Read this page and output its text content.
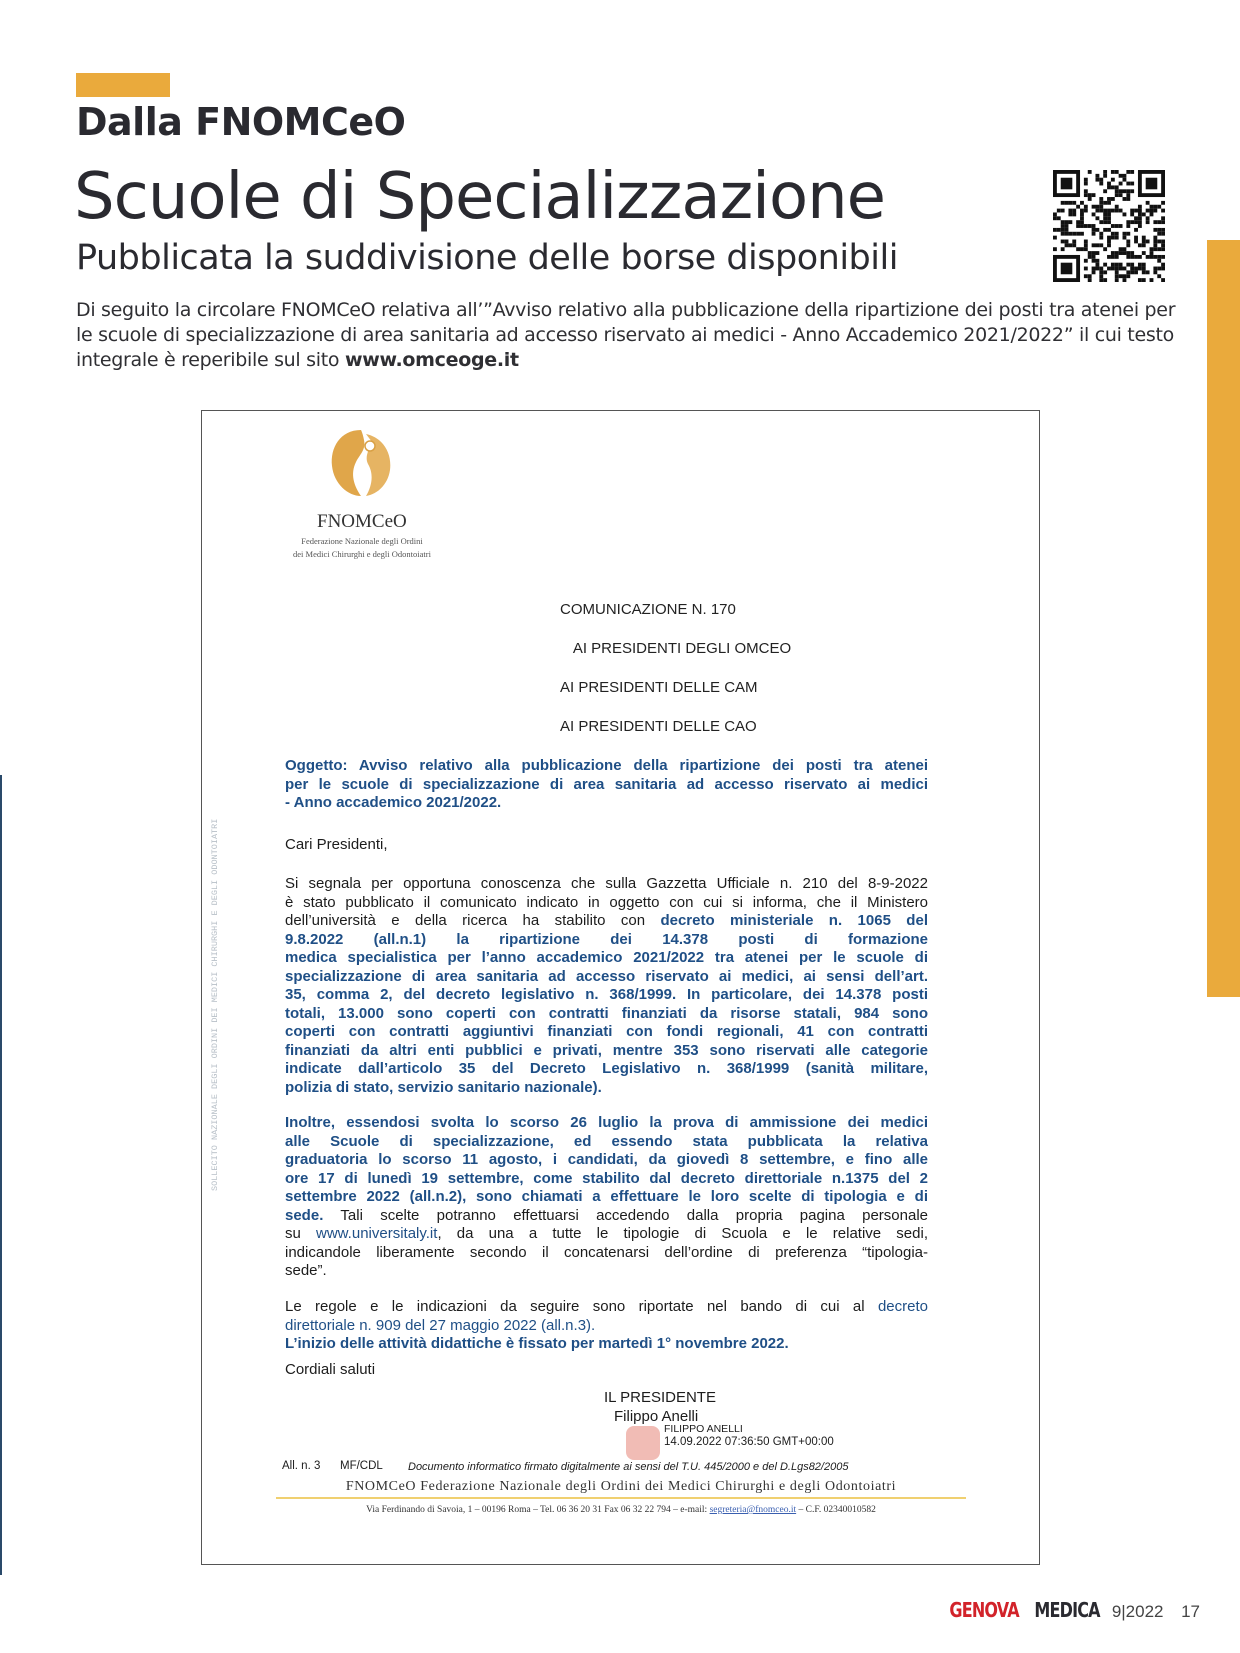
Dalla FNOMCeO
Scuole di Specializzazione
Pubblicata la suddivisione delle borse disponibili
Di seguito la circolare FNOMCeO relativa all’”Avviso relativo alla pubblicazione della ripartizione dei posti tra atenei per le scuole di specializzazione di area sanitaria ad accesso riservato ai medici - Anno Accademico 2021/2022” il cui testo integrale è reperibile sul sito www.omceoge.it
FNOMCeO
Federazione Nazionale degli Ordini
dei Medici Chirurghi e degli Odontoiatri
SOLLECITO NAZIONALE DEGLI ORDINI DEI MEDICI CHIRURGHI E DEGLI ODONTOIATRI
COMUNICAZIONE N. 170
AI PRESIDENTI DEGLI OMCEO
AI PRESIDENTI DELLE CAM
AI PRESIDENTI DELLE CAO
Oggetto: Avviso relativo alla pubblicazione della ripartizione dei posti tra atenei
per le scuole di specializzazione di area sanitaria ad accesso riservato ai medici
- Anno accademico 2021/2022.
Cari Presidenti,
Si segnala per opportuna conoscenza che sulla Gazzetta Ufficiale n. 210 del 8-9-2022
è stato pubblicato il comunicato indicato in oggetto con cui si informa, che il Ministero
dell’università e della ricerca ha stabilito con decreto ministeriale n. 1065 del
9.8.2022 (all.n.1) la ripartizione dei 14.378 posti di formazione
medica specialistica per l’anno accademico 2021/2022 tra atenei per le scuole di
specializzazione di area sanitaria ad accesso riservato ai medici, ai sensi dell’art.
35, comma 2, del decreto legislativo n. 368/1999. In particolare, dei 14.378 posti
totali, 13.000 sono coperti con contratti finanziati da risorse statali, 984 sono
coperti con contratti aggiuntivi finanziati con fondi regionali, 41 con contratti
finanziati da altri enti pubblici e privati, mentre 353 sono riservati alle categorie
indicate dall’articolo 35 del Decreto Legislativo n. 368/1999 (sanità militare,
polizia di stato, servizio sanitario nazionale).
Inoltre, essendosi svolta lo scorso 26 luglio la prova di ammissione dei medici
alle Scuole di specializzazione, ed essendo stata pubblicata la relativa
graduatoria lo scorso 11 agosto, i candidati, da giovedì 8 settembre, e fino alle
ore 17 di lunedì 19 settembre, come stabilito dal decreto direttoriale n.1375 del 2
settembre 2022 (all.n.2), sono chiamati a effettuare le loro scelte di tipologia e di
sede. Tali scelte potranno effettuarsi accedendo dalla propria pagina personale
su www.universitaly.it, da una a tutte le tipologie di Scuola e le relative sedi,
indicandole liberamente secondo il concatenarsi dell’ordine di preferenza “tipologia-
sede”.
Le regole e le indicazioni da seguire sono riportate nel bando di cui al decreto
direttoriale n. 909 del 27 maggio 2022 (all.n.3).
L’inizio delle attività didattiche è fissato per martedì 1° novembre 2022.
Cordiali saluti
IL PRESIDENTE
Filippo Anelli
FILIPPO ANELLI
14.09.2022 07:36:50 GMT+00:00
All. n. 3 MF/CDL Documento informatico firmato digitalmente ai sensi del T.U. 445/2000 e del D.Lgs82/2005
FNOMCeO Federazione Nazionale degli Ordini dei Medici Chirurghi e degli Odontoiatri
Via Ferdinando di Savoia, 1 – 00196 Roma – Tel. 06 36 20 31 Fax 06 32 22 794 – e-mail: segreteria@fnomceo.it – C.F. 02340010582
GENOVA MEDICA 9|2022 17
